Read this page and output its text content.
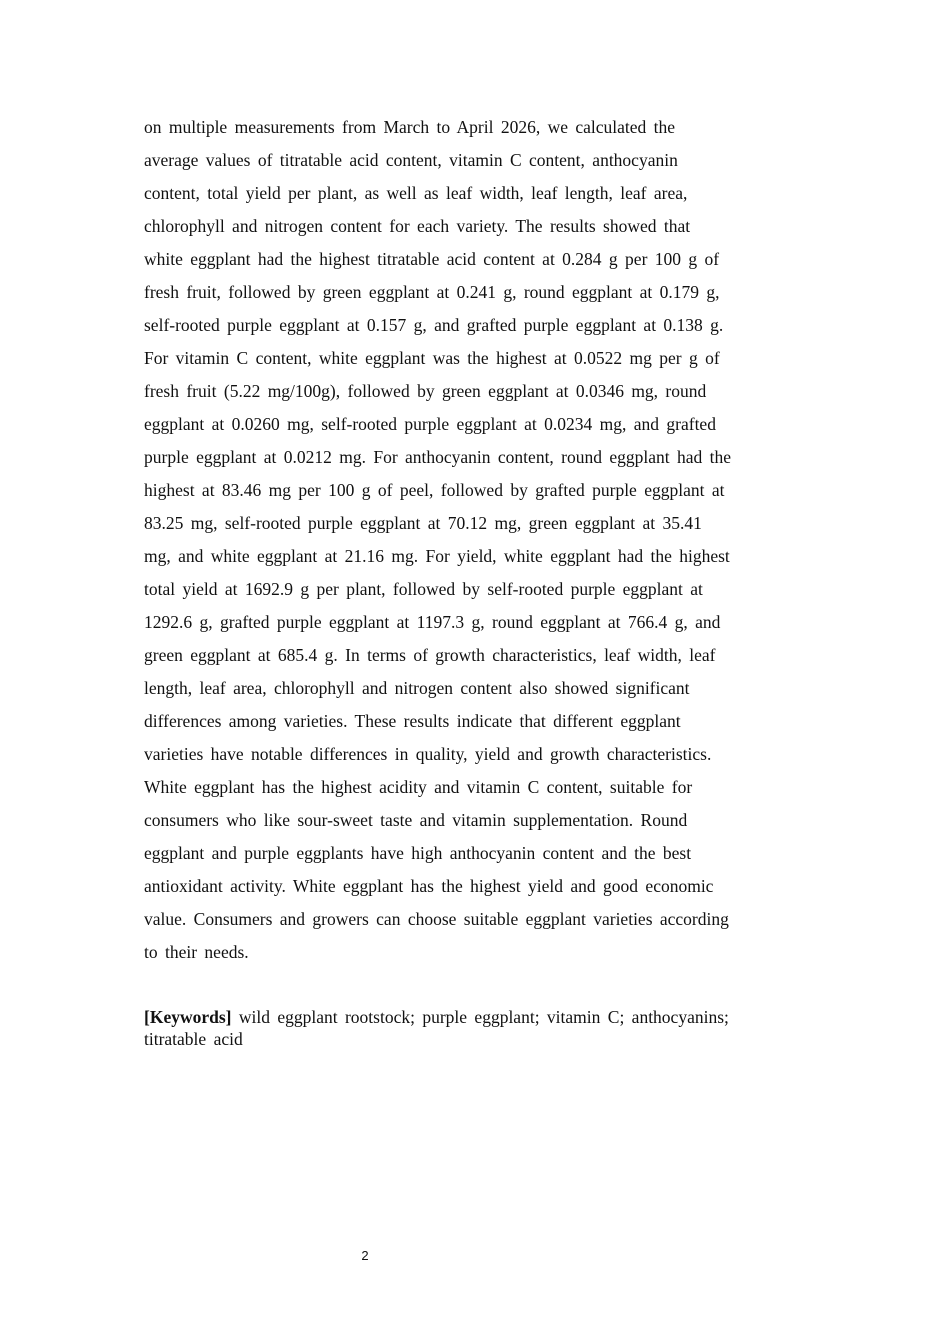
on multiple measurements from March to April 2026, we calculated the
average values of titratable acid content, vitamin C content, anthocyanin
content, total yield per plant, as well as leaf width, leaf length, leaf area,
chlorophyll and nitrogen content for each variety. The results showed that
white eggplant had the highest titratable acid content at 0.284 g per 100 g of
fresh fruit, followed by green eggplant at 0.241 g, round eggplant at 0.179 g,
self-rooted purple eggplant at 0.157 g, and grafted purple eggplant at 0.138 g.
For vitamin C content, white eggplant was the highest at 0.0522 mg per g of
fresh fruit (5.22 mg/100g), followed by green eggplant at 0.0346 mg, round
eggplant at 0.0260 mg, self-rooted purple eggplant at 0.0234 mg, and grafted
purple eggplant at 0.0212 mg. For anthocyanin content, round eggplant had the
highest at 83.46 mg per 100 g of peel, followed by grafted purple eggplant at
83.25 mg, self-rooted purple eggplant at 70.12 mg, green eggplant at 35.41
mg, and white eggplant at 21.16 mg. For yield, white eggplant had the highest
total yield at 1692.9 g per plant, followed by self-rooted purple eggplant at
1292.6 g, grafted purple eggplant at 1197.3 g, round eggplant at 766.4 g, and
green eggplant at 685.4 g. In terms of growth characteristics, leaf width, leaf
length, leaf area, chlorophyll and nitrogen content also showed significant
differences among varieties. These results indicate that different eggplant
varieties have notable differences in quality, yield and growth characteristics.
White eggplant has the highest acidity and vitamin C content, suitable for
consumers who like sour-sweet taste and vitamin supplementation. Round
eggplant and purple eggplants have high anthocyanin content and the best
antioxidant activity. White eggplant has the highest yield and good economic
value. Consumers and growers can choose suitable eggplant varieties according
to their needs.
[Keywords] wild eggplant rootstock; purple eggplant; vitamin C; anthocyanins;
titratable acid
2
